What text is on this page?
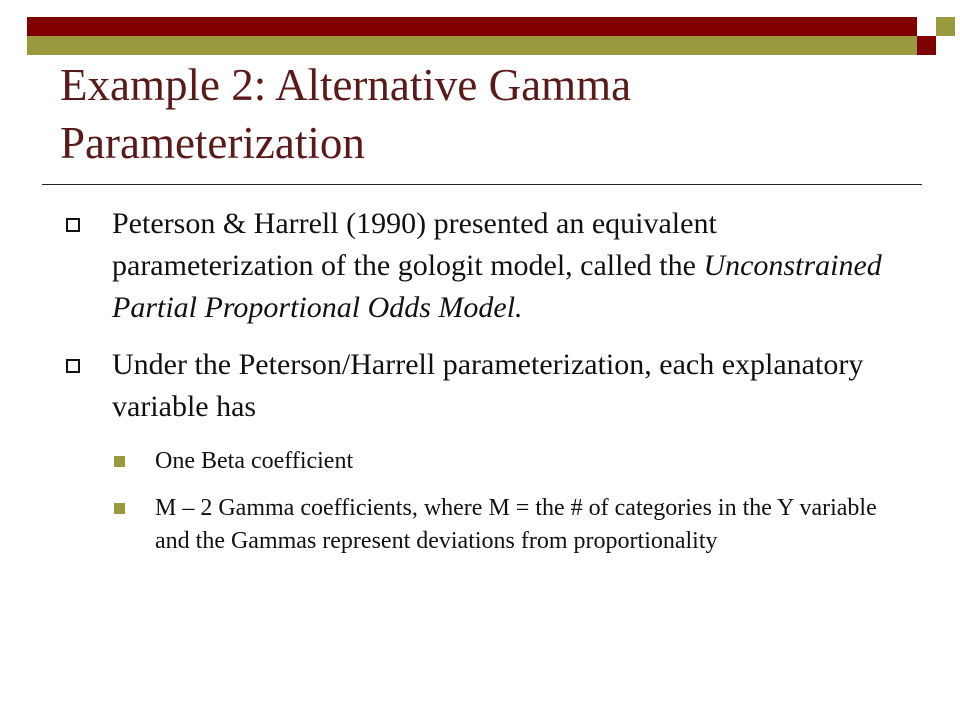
Example 2: Alternative Gamma
Parameterization
Peterson & Harrell (1990) presented an equivalent parameterization of the gologit model, called the Unconstrained Partial Proportional Odds Model.
Under the Peterson/Harrell parameterization, each explanatory variable has
One Beta coefficient
M – 2 Gamma coefficients, where M = the # of categories in the Y variable and the Gammas represent deviations from proportionality
